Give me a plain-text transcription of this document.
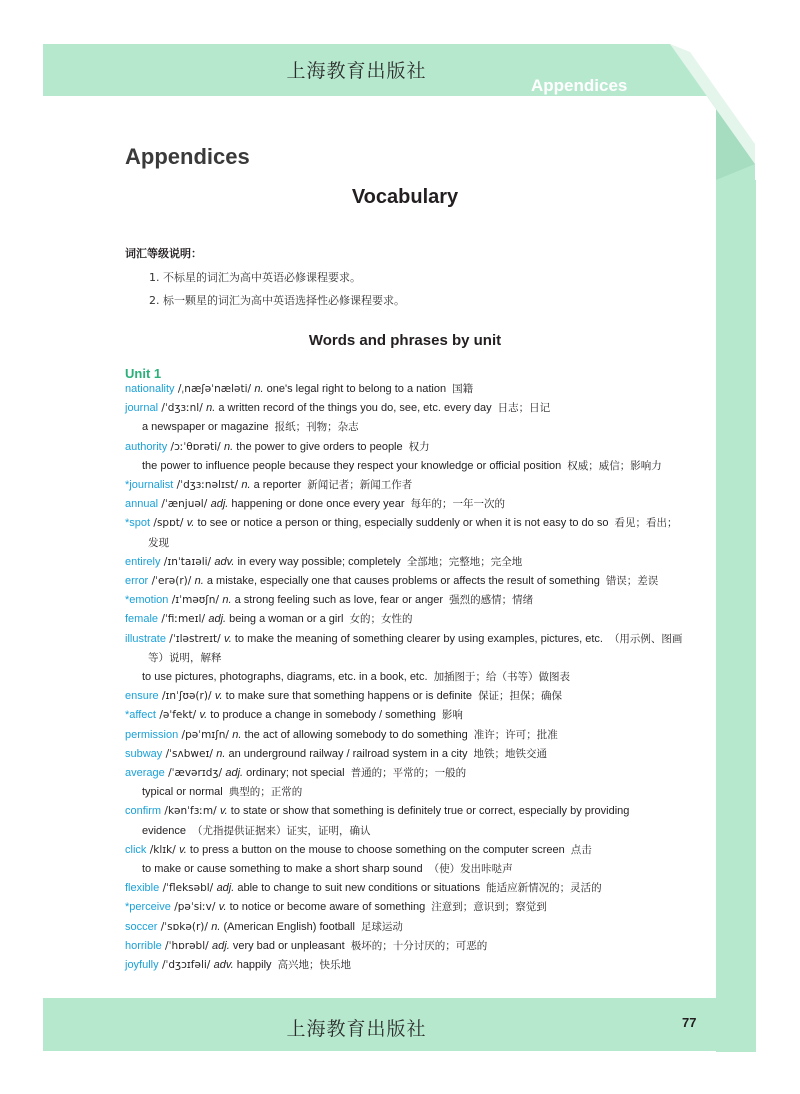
上海教育出版社
Appendices
上海教育出版社	77
Appendices
Vocabulary
词汇等级说明：
1. 不标星的词汇为高中英语必修课程要求。
2. 标一颗星的词汇为高中英语选择性必修课程要求。
Words and phrases by unit
Unit 1
nationality /ˌnæʃəˈnæləti/ n. one's legal right to belong to a nation 国籍
journal /ˈdʒɜːnl/ n. a written record of the things you do, see, etc. every day 日志；日记
a newspaper or magazine 报纸；刊物；杂志
authority /ɔːˈθɒrəti/ n. the power to give orders to people 权力
the power to influence people because they respect your knowledge or official position 权威；威信；影响力
*journalist /ˈdʒɜːnəlɪst/ n. a reporter 新闻记者；新闻工作者
annual /ˈænjuəl/ adj. happening or done once every year 每年的；一年一次的
*spot /spɒt/ v. to see or notice a person or thing, especially suddenly or when it is not easy to do so 看见；看出；
发现
entirely /ɪnˈtaɪəli/ adv. in every way possible; completely 全部地；完整地；完全地
error /ˈerə(r)/ n. a mistake, especially one that causes problems or affects the result of something 错误；差误
*emotion /ɪˈməʊʃn/ n. a strong feeling such as love, fear or anger 强烈的感情；情绪
female /ˈfiːmeɪl/ adj. being a woman or a girl 女的；女性的
illustrate /ˈɪləstreɪt/ v. to make the meaning of something clearer by using examples, pictures, etc. （用示例、图画
等）说明，解释
to use pictures, photographs, diagrams, etc. in a book, etc. 加插图于；给（书等）做图表
ensure /ɪnˈʃʊə(r)/ v. to make sure that something happens or is definite 保证；担保；确保
*affect /əˈfekt/ v. to produce a change in somebody / something 影响
permission /pəˈmɪʃn/ n. the act of allowing somebody to do something 准许；许可；批准
subway /ˈsʌbweɪ/ n. an underground railway / railroad system in a city 地铁；地铁交通
average /ˈævərɪdʒ/ adj. ordinary; not special 普通的；平常的；一般的
typical or normal 典型的；正常的
confirm /kənˈfɜːm/ v. to state or show that something is definitely true or correct, especially by providing
evidence （尤指提供证据来）证实，证明，确认
click /klɪk/ v. to press a button on the mouse to choose something on the computer screen 点击
to make or cause something to make a short sharp sound （使）发出咔哒声
flexible /ˈfleksəbl/ adj. able to change to suit new conditions or situations 能适应新情况的；灵活的
*perceive /pəˈsiːv/ v. to notice or become aware of something 注意到；意识到；察觉到
soccer /ˈsɒkə(r)/ n. (American English) football 足球运动
horrible /ˈhɒrəbl/ adj. very bad or unpleasant 极坏的；十分讨厌的；可恶的
joyfully /ˈdʒɔɪfəli/ adv. happily 高兴地；快乐地
